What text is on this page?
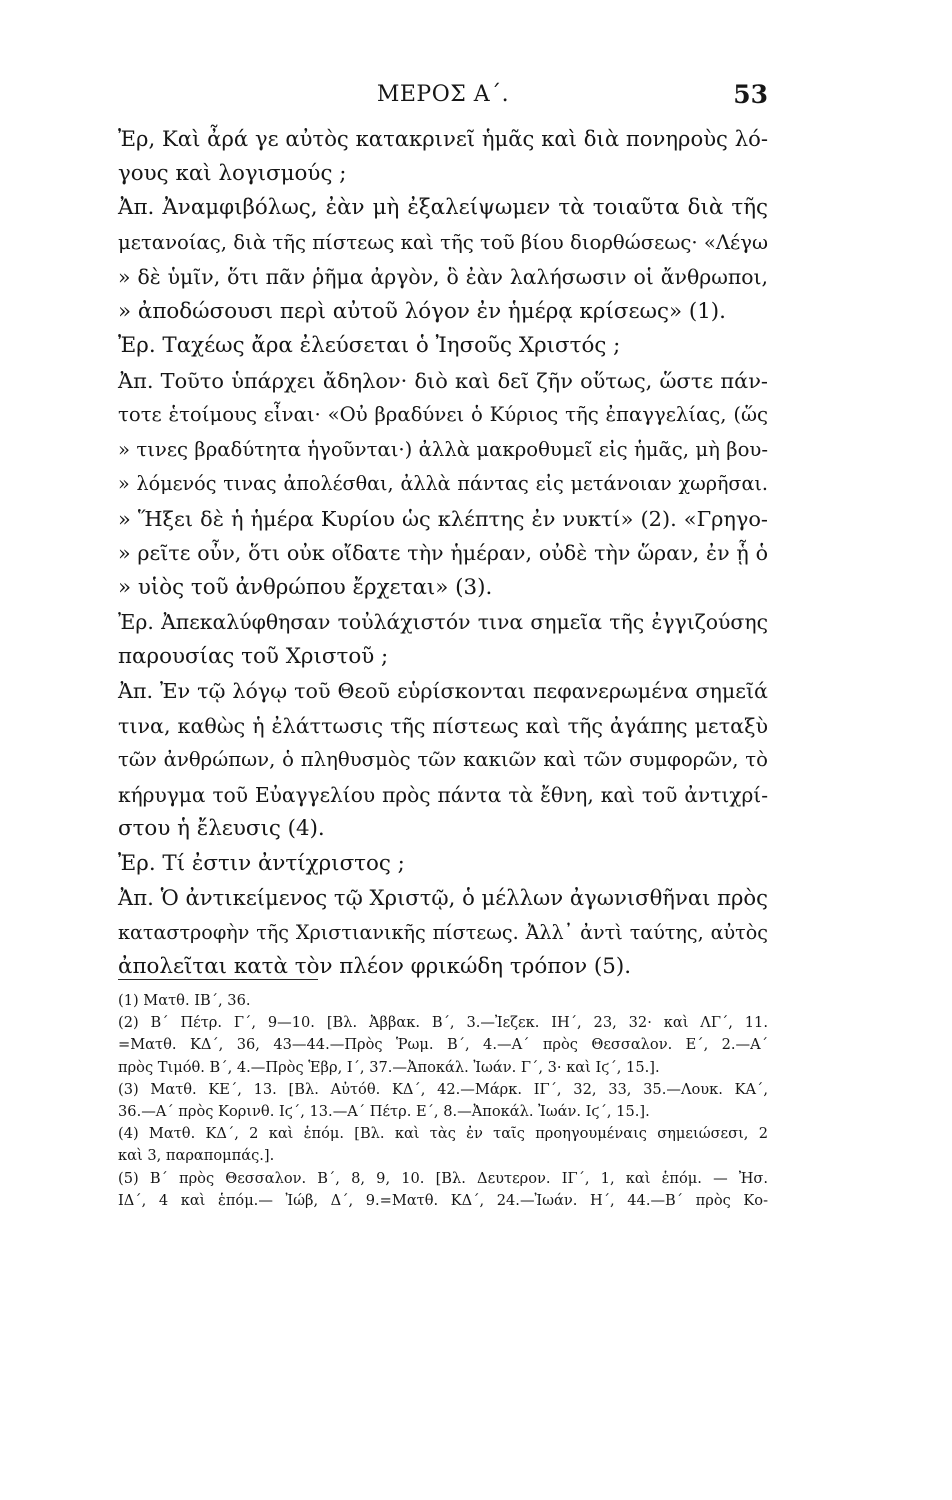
ΜΕΡΟΣ Α΄.	53
Ἐρ, Καὶ ἆρά γε αὐτὸς κατακρινεῖ ἡμᾶς καὶ διὰ πονηροὺς λό-
γους καὶ λογισμούς ;
Ἀπ. Ἀναμφιβόλως, ἐὰν μὴ ἐξαλείψωμεν τὰ τοιαῦτα διὰ τῆς
μετανοίας, διὰ τῆς πίστεως καὶ τῆς τοῦ βίου διορθώσεως· «Λέγω
» δὲ ὑμῖν, ὅτι πᾶν ῥῆμα ἀργὸν, ὃ ἐὰν λαλήσωσιν οἱ ἄνθρωποι,
» ἀποδώσουσι περὶ αὐτοῦ λόγον ἐν ἡμέρᾳ κρίσεως» (1).
Ἐρ. Ταχέως ἄρα ἐλεύσεται ὁ Ἰησοῦς Χριστός ;
Ἀπ. Τοῦτο ὑπάρχει ἄδηλον· διὸ καὶ δεῖ ζῆν οὕτως, ὥστε πάν-
τοτε ἑτοίμους εἶναι· «Οὐ βραδύνει ὁ Κύριος τῆς ἐπαγγελίας, (ὥς
» τινες βραδύτητα ἡγοῦνται·) ἀλλὰ μακροθυμεῖ εἰς ἡμᾶς, μὴ βου-
» λόμενός τινας ἀπολέσθαι, ἀλλὰ πάντας εἰς μετάνοιαν χωρῆσαι.
» Ἥξει δὲ ἡ ἡμέρα Κυρίου ὡς κλέπτης ἐν νυκτί» (2). «Γρηγο-
» ρεῖτε οὖν, ὅτι οὐκ οἴδατε τὴν ἡμέραν, οὐδὲ τὴν ὥραν, ἐν ᾗ ὁ
» υἱὸς τοῦ ἀνθρώπου ἔρχεται» (3).
Ἐρ. Ἀπεκαλύφθησαν τοὐλάχιστόν τινα σημεῖα τῆς ἐγγιζούσης
παρουσίας τοῦ Χριστοῦ ;
Ἀπ. Ἐν τῷ λόγῳ τοῦ Θεοῦ εὑρίσκονται πεφανερωμένα σημεῖά
τινα, καθὼς ἡ ἐλάττωσις τῆς πίστεως καὶ τῆς ἀγάπης μεταξὺ
τῶν ἀνθρώπων, ὁ πληθυσμὸς τῶν κακιῶν καὶ τῶν συμφορῶν, τὸ
κήρυγμα τοῦ Εὐαγγελίου πρὸς πάντα τὰ ἔθνη, καὶ τοῦ ἀντιχρί-
στου ἡ ἔλευσις (4).
Ἐρ. Τί ἐστιν ἀντίχριστος ;
Ἀπ. Ὁ ἀντικείμενος τῷ Χριστῷ, ὁ μέλλων ἀγωνισθῆναι πρὸς
καταστροφὴν τῆς Χριστιανικῆς πίστεως. Ἀλλ᾽ ἀντὶ ταύτης, αὐτὸς
ἀπολεῖται κατὰ τὸν πλέον φρικώδη τρόπον (5).
(1) Ματθ. ΙΒ΄, 36.
(2) Β΄ Πέτρ. Γ΄, 9—10. [Βλ. Ἀββακ. Β΄, 3.—Ἰεζεκ. ΙΗ΄, 23, 32· καὶ ΛΓ΄, 11.
=Ματθ. ΚΔ΄, 36, 43—44.—Πρὸς Ῥωμ. Β΄, 4.—Α΄ πρὸς Θεσσαλον. Ε΄, 2.—Α΄
πρὸς Τιμόθ. Β΄, 4.—Πρὸς Ἑβρ, Ι΄, 37.—Ἀποκάλ. Ἰωάν. Γ΄, 3· καὶ Ιϛ΄, 15.].
(3) Ματθ. ΚΕ΄, 13. [Βλ. Αὐτόθ. ΚΔ΄, 42.—Μάρκ. ΙΓ΄, 32, 33, 35.—Λουκ. ΚΑ΄,
36.—Α΄ πρὸς Κορινθ. Ιϛ΄, 13.—Α΄ Πέτρ. Ε΄, 8.—Ἀποκάλ. Ἰωάν. Ιϛ΄, 15.].
(4) Ματθ. ΚΔ΄, 2 καὶ ἑπόμ. [Βλ. καὶ τὰς ἐν ταῖς προηγουμέναις σημειώσεσι, 2
καὶ 3, παραπομπάς.].
(5) Β΄ πρὸς Θεσσαλον. Β΄, 8, 9, 10. [Βλ. Δευτερον. ΙΓ΄, 1, καὶ ἑπόμ. — Ἠσ.
ΙΔ΄, 4 καὶ ἑπόμ.— Ἰώβ, Δ΄, 9.=Ματθ. ΚΔ΄, 24.—Ἰωάν. Η΄, 44.—Β΄ πρὸς Κο-
